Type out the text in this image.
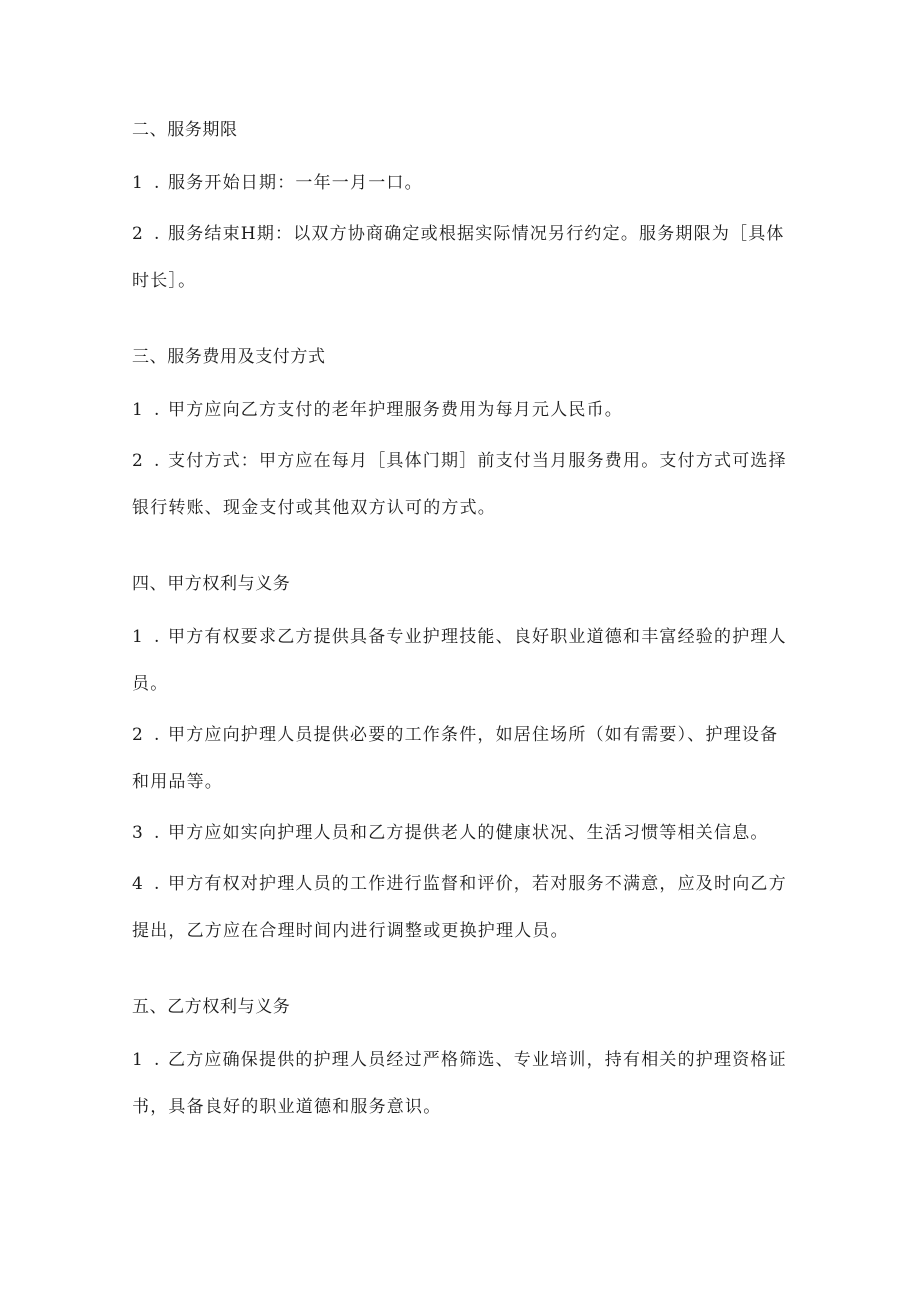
二、服务期限
1 . 服务开始日期：一年一月一口。
2 . 服务结束H期：以双方协商确定或根据实际情况另行约定。服务期限为［具体时长］。
三、服务费用及支付方式
1 . 甲方应向乙方支付的老年护理服务费用为每月元人民币。
2 . 支付方式：甲方应在每月［具体门期］前支付当月服务费用。支付方式可选择银行转账、现金支付或其他双方认可的方式。
四、甲方权利与义务
1 . 甲方有权要求乙方提供具备专业护理技能、良好职业道德和丰富经验的护理人员。
2 . 甲方应向护理人员提供必要的工作条件，如居住场所（如有需要）、护理设备和用品等。
3 . 甲方应如实向护理人员和乙方提供老人的健康状况、生活习惯等相关信息。
4 . 甲方有权对护理人员的工作进行监督和评价，若对服务不满意，应及时向乙方提出，乙方应在合理时间内进行调整或更换护理人员。
五、乙方权利与义务
1 . 乙方应确保提供的护理人员经过严格筛选、专业培训，持有相关的护理资格证书，具备良好的职业道德和服务意识。
